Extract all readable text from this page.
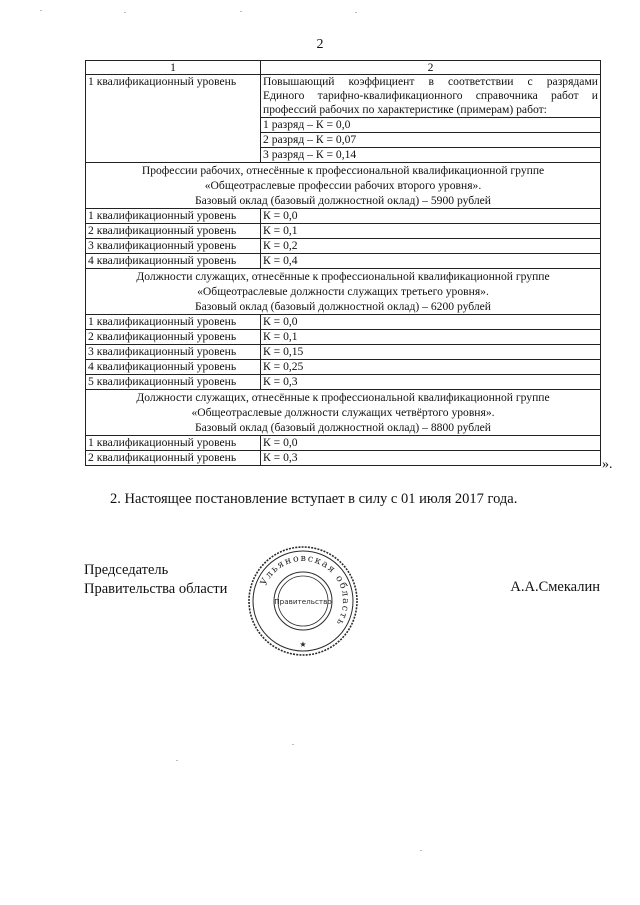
2
1	2
1 квалификационный уровень	Повышающий коэффициент в соответствии с разрядами
Единого тарифно-квалификационного справочника работ и
профессий рабочих по характеристике (примерам) работ:
	1 разряд – К = 0,0
	2 разряд – К = 0,07
	3 разряд – К = 0,14

Профессии рабочих, отнесённые к профессиональной квалификационной группе
«Общеотраслевые профессии рабочих второго уровня».
Базовый оклад (базовый должностной оклад) – 5900 рублей	

1 квалификационный уровень	К = 0,0
2 квалификационный уровень	К = 0,1
3 квалификационный уровень	К = 0,2
4 квалификационный уровень	К = 0,4

Должности служащих, отнесённые к профессиональной квалификационной группе
«Общеотраслевые должности служащих третьего уровня».
Базовый оклад (базовый должностной оклад) – 6200 рублей	

1 квалификационный уровень	К = 0,0
2 квалификационный уровень	К = 0,1
3 квалификационный уровень	К = 0,15
4 квалификационный уровень	К = 0,25
5 квалификационный уровень	К = 0,3

Должности служащих, отнесённые к профессиональной квалификационной группе
«Общеотраслевые должности служащих четвёртого уровня».
Базовый оклад (базовый должностной оклад) – 8800 рублей	

1 квалификационный уровень	К = 0,0
2 квалификационный уровень	К = 0,3	».
2. Настоящее постановление вступает в силу с 01 июля 2017 года.
Председатель
Правительства области	Ульяновская область
Правительство
★
А.А.Смекалин
